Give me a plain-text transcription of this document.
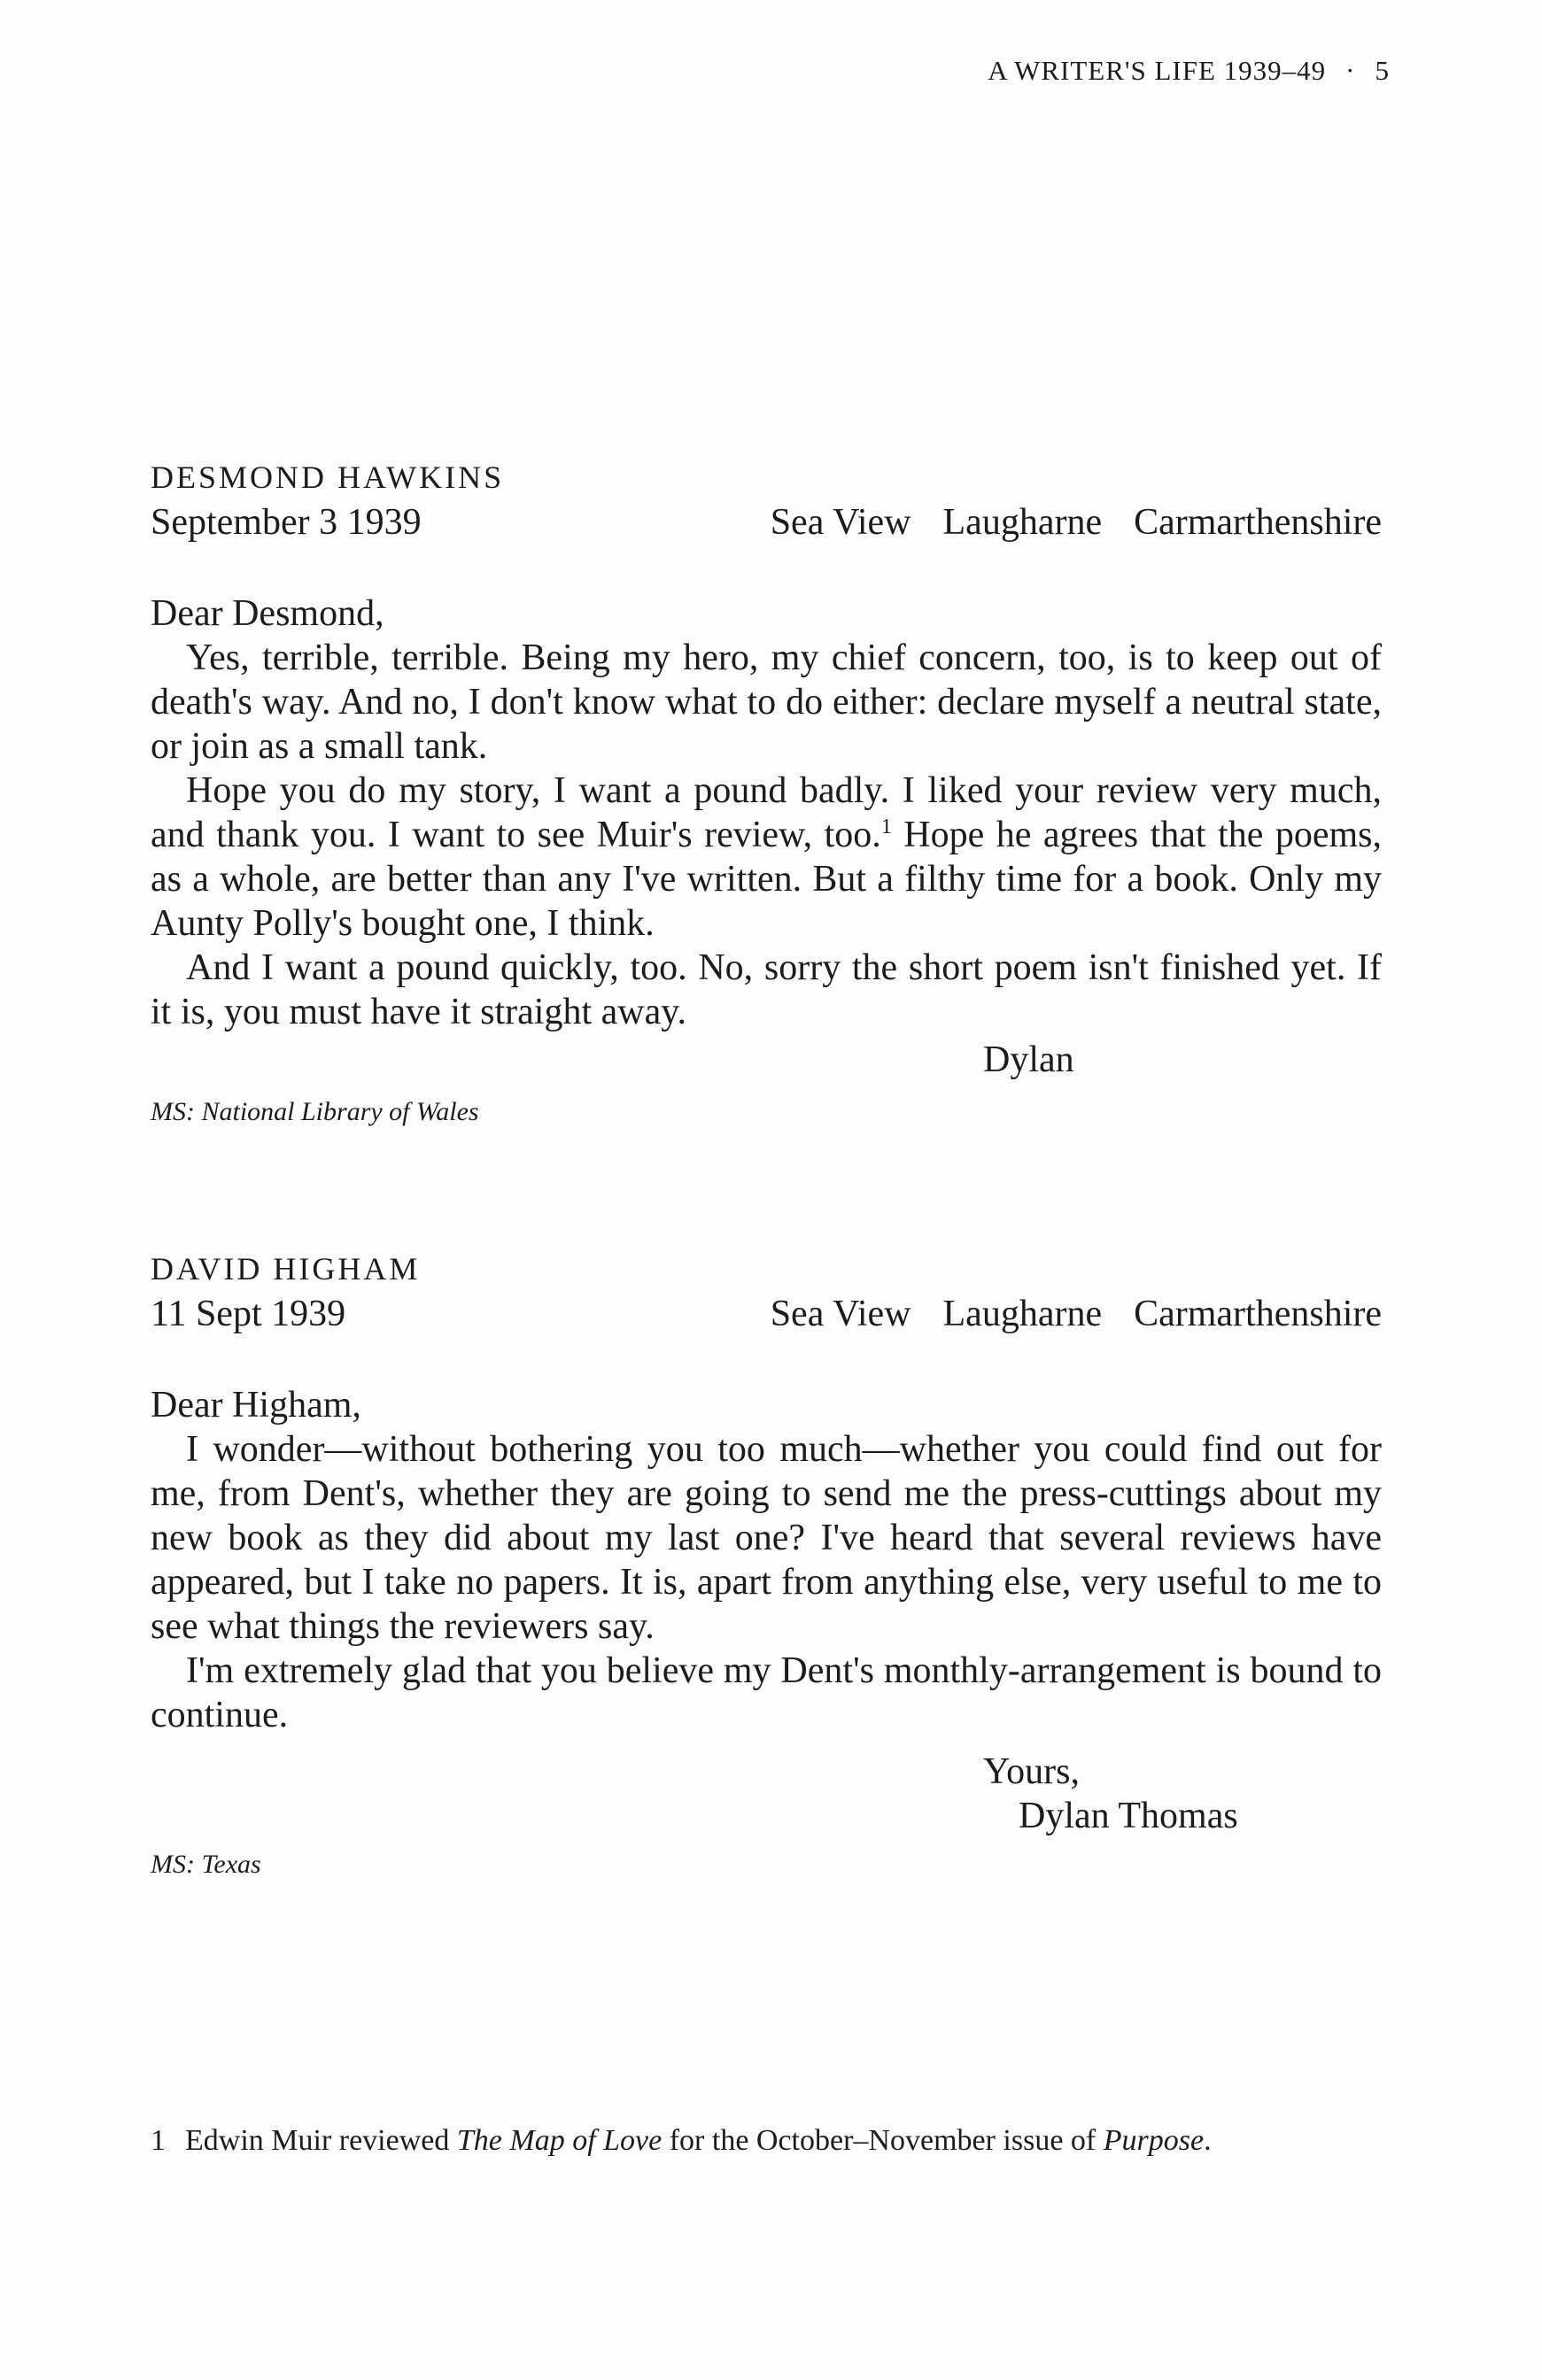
A WRITER'S LIFE 1939–49 · 5
DESMOND HAWKINS
September 3 1939	Sea View Laugharne Carmarthenshire

Dear Desmond,

Yes, terrible, terrible. Being my hero, my chief concern, too, is to keep out of death's way. And no, I don't know what to do either: declare myself a neutral state, or join as a small tank.

Hope you do my story, I want a pound badly. I liked your review very much, and thank you. I want to see Muir's review, too.$^1$ Hope he agrees that the poems, as a whole, are better than any I've written. But a filthy time for a book. Only my Aunty Polly's bought one, I think.

And I want a pound quickly, too. No, sorry the short poem isn't finished yet. If it is, you must have it straight away.

Dylan

MS: National Library of Wales
DAVID HIGHAM
11 Sept 1939	Sea View Laugharne Carmarthenshire

Dear Higham,

I wonder—without bothering you too much—whether you could find out for me, from Dent's, whether they are going to send me the press-cuttings about my new book as they did about my last one? I've heard that several reviews have appeared, but I take no papers. It is, apart from anything else, very useful to me to see what things the reviewers say.

I'm extremely glad that you believe my Dent's monthly-arrangement is bound to continue.

Yours,

Dylan Thomas

MS: Texas
1 Edwin Muir reviewed The Map of Love for the October–November issue of Purpose.
